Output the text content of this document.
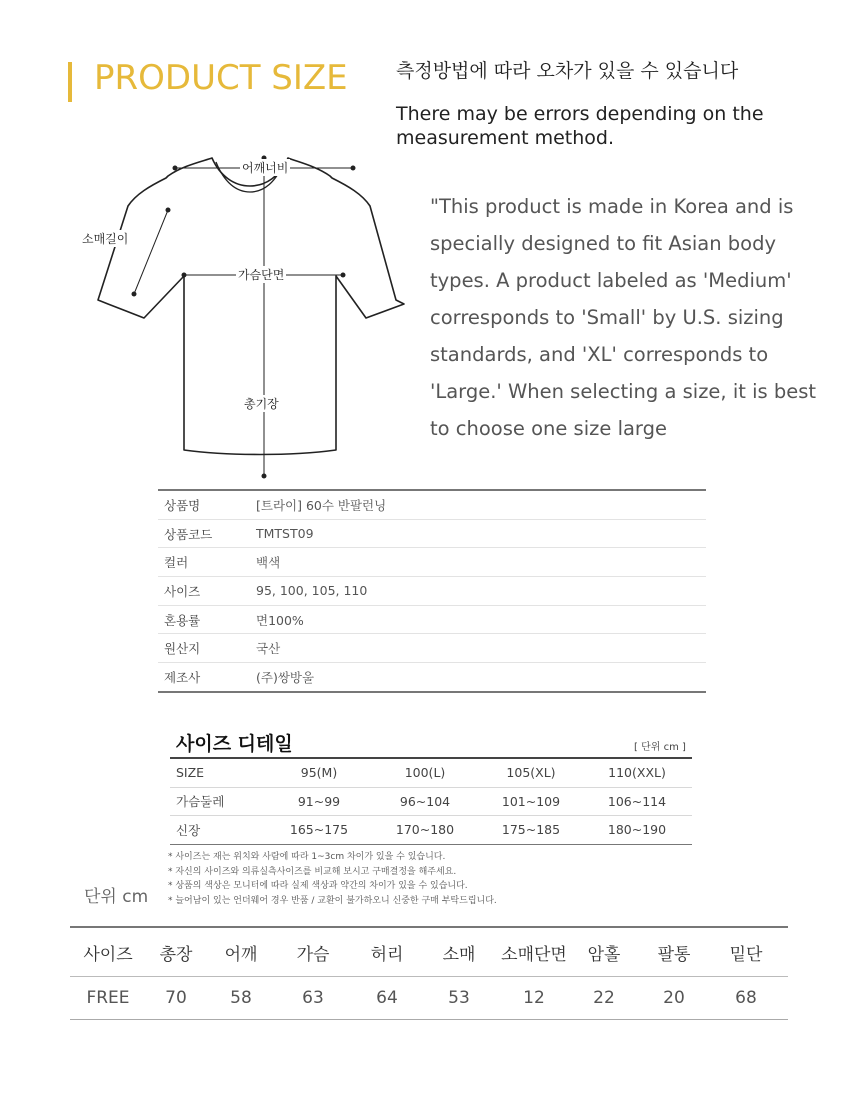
PRODUCT SIZE	측정방법에 따라 오차가 있을 수 있습니다
There may be errors depending on the measurement method.
"This product is made in Korea and is specially designed to fit Asian body types. A product labeled as 'Medium' corresponds to 'Small' by U.S. sizing standards, and 'XL' corresponds to 'Large.' When selecting a size, it is best to choose one size large
어깨너비
소매길이
가슴단면
총기장
상품명	[트라이] 60수 반팔런닝
상품코드	TMTST09
컬러	백색
사이즈	95, 100, 105, 110
혼용률	면100%
원산지	국산
제조사	(주)쌍방울
사이즈 디테일	[ 단위 cm ]
SIZE	95(M)	100(L)	105(XL)	110(XXL)
가슴둘레	91~99	96~104	101~109	106~114
신장	165~175	170~180	175~185	180~190
* 사이즈는 재는 위치와 사람에 따라 1~3cm 차이가 있을 수 있습니다.
* 자신의 사이즈와 의류실측사이즈를 비교해 보시고 구매결정을 해주세요.
* 상품의 색상은 모니터에 따라 실제 색상과 약간의 차이가 있을 수 있습니다.
* 늘어남이 있는 언더웨어 경우 반품 / 교환이 불가하오니 신중한 구매 부탁드립니다.
단위 cm
사이즈	총장	어깨	가슴	허리	소매	소매단면	암홀	팔통	밑단
FREE	70	58	63	64	53	12	22	20	68
